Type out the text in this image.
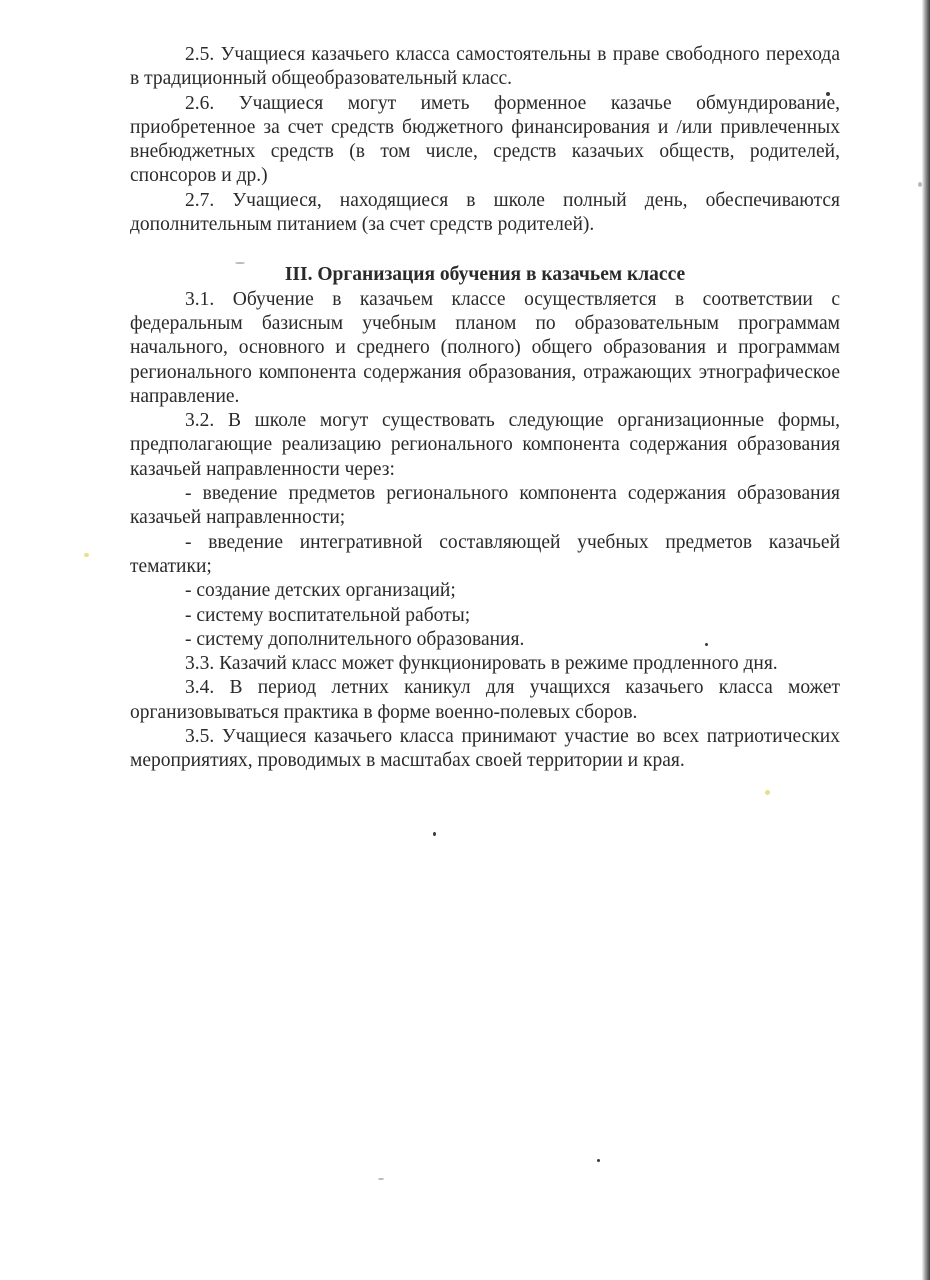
2.5. Учащиеся казачьего класса самостоятельны в праве свободного перехода в традиционный общеобразовательный класс.

2.6. Учащиеся могут иметь форменное казачье обмундирование, приобретенное за счет средств бюджетного финансирования и /или привлеченных внебюджетных средств (в том числе, средств казачьих обществ, родителей, спонсоров и др.)

2.7. Учащиеся, находящиеся в школе полный день, обеспечиваются дополнительным питанием (за счет средств родителей).

III. Организация обучения в казачьем классе

3.1. Обучение в казачьем классе осуществляется в соответствии с федеральным базисным учебным планом по образовательным программам начального, основного и среднего (полного) общего образования и программам регионального компонента содержания образования, отражающих этнографическое направление.

3.2. В школе могут существовать следующие организационные формы, предполагающие реализацию регионального компонента содержания образования казачьей направленности через:

- введение предметов регионального компонента содержания образования казачьей направленности;

- введение интегративной составляющей учебных предметов казачьей тематики;

- создание детских организаций;

- систему воспитательной работы;

- систему дополнительного образования.

3.3. Казачий класс может функционировать в режиме продленного дня.

3.4. В период летних каникул для учащихся казачьего класса может организовываться практика в форме военно-полевых сборов.

3.5. Учащиеся казачьего класса принимают участие во всех патриотических мероприятиях, проводимых в масштабах своей территории и края.
